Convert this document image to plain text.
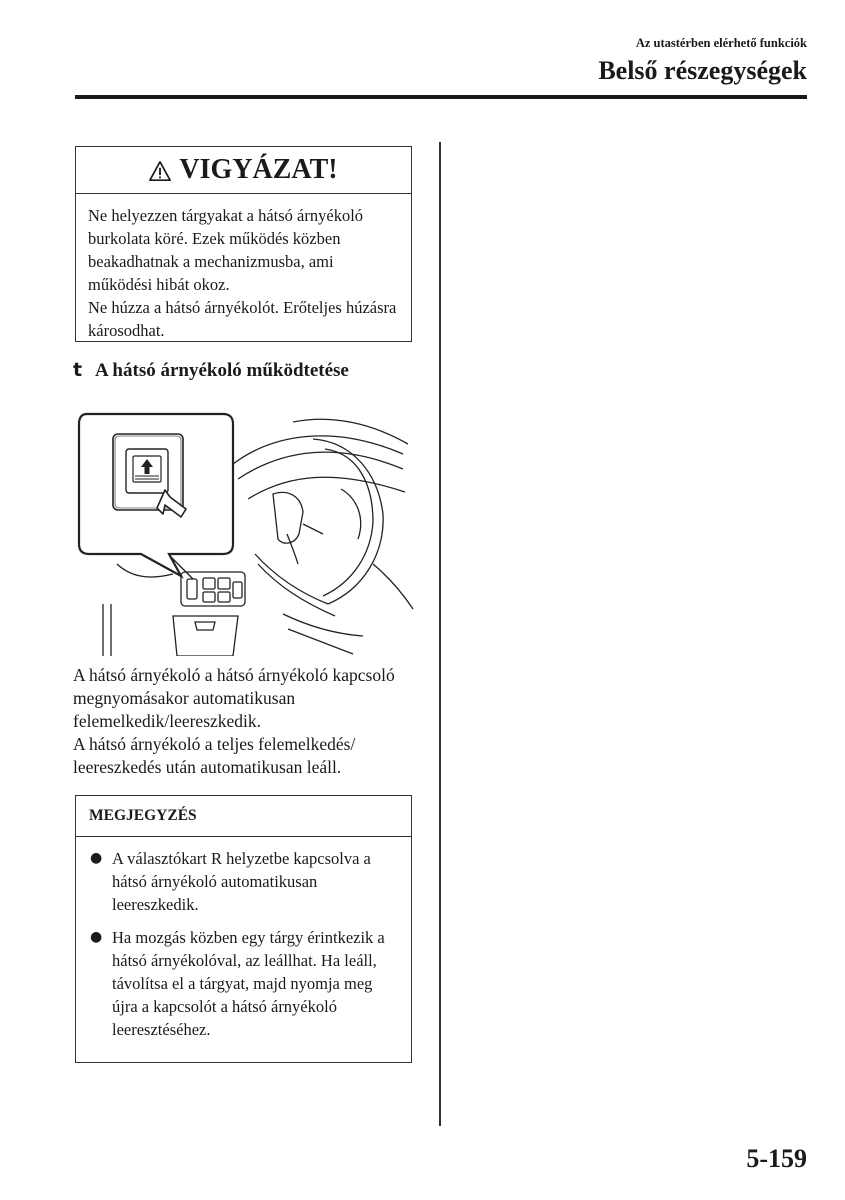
Az utastérben elérhető funkciók
Belső részegységek
VIGYÁZAT!

Ne helyezzen tárgyakat a hátsó árnyékoló burkolata köré. Ezek működés közben beakadhatnak a mechanizmusba, ami működési hibát okoz.

Ne húzza a hátsó árnyékolót. Erőteljes húzásra károsodhat.

t A hátsó árnyékoló működtetése

A hátsó árnyékoló a hátsó árnyékoló kapcsoló megnyomásakor automatikusan felemelkedik/leereszkedik.

A hátsó árnyékoló a teljes felemelkedés/ leereszkedés után automatikusan leáll.

MEGJEGYZÉS
● A választókart R helyzetbe kapcsolva a hátsó árnyékoló automatikusan leereszkedik.
● Ha mozgás közben egy tárgy érintkezik a hátsó árnyékolóval, az leállhat. Ha leáll, távolítsa el a tárgyat, majd nyomja meg újra a kapcsolót a hátsó árnyékoló leeresztéséhez.
5-159
